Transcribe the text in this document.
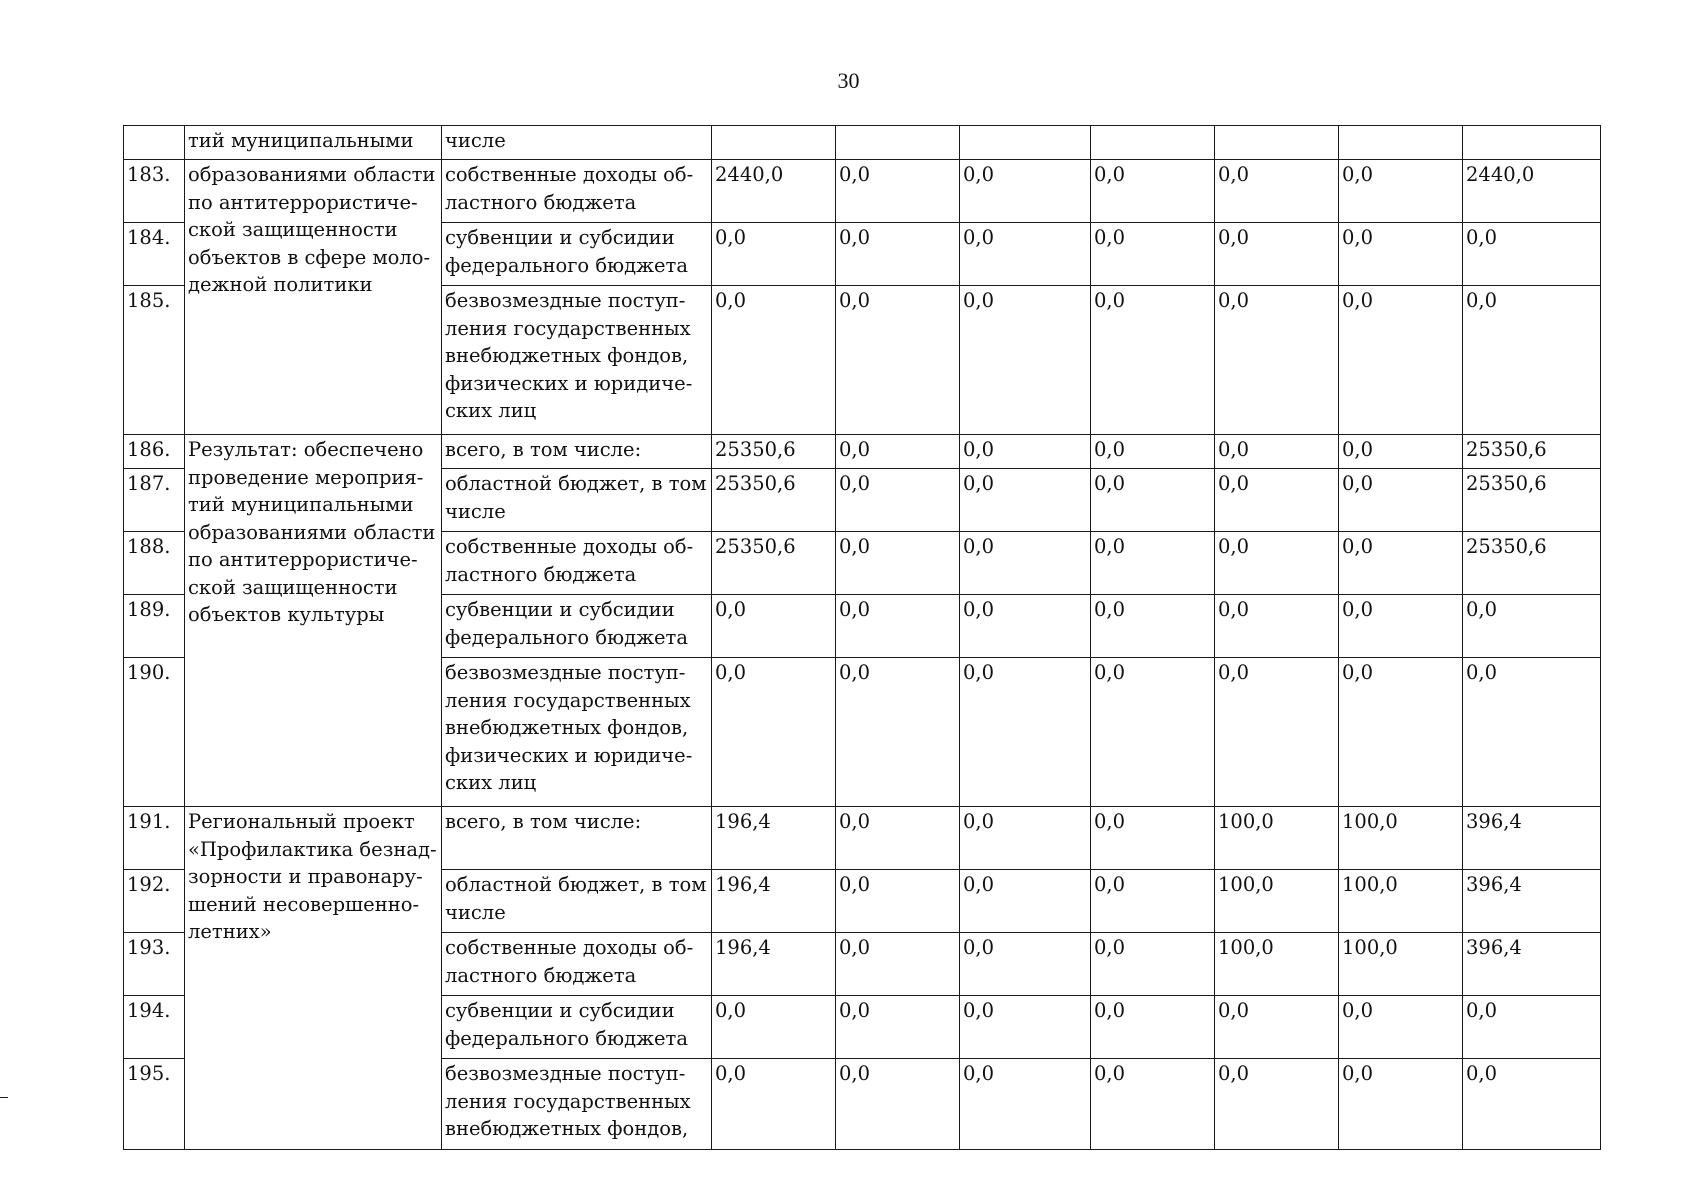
30
	тий муниципальными	числе							
183.	образованиями области по антитеррористиче-ской защищенности объектов в сфере моло-дежной политики	собственные доходы об-ластного бюджета	2440,0	0,0	0,0	0,0	0,0	0,0	2440,0
184.		субвенции и субсидии федерального бюджета	0,0	0,0	0,0	0,0	0,0	0,0	0,0
185.		безвозмездные поступ-ления государственных внебюджетных фондов, физических и юридиче-ских лиц	0,0	0,0	0,0	0,0	0,0	0,0	0,0
186.	Результат: обеспечено проведение мероприя-тий муниципальными образованиями области по антитеррористиче-ской защищенности объектов культуры	всего, в том числе:	25350,6	0,0	0,0	0,0	0,0	0,0	25350,6
187.		областной бюджет, в том числе	25350,6	0,0	0,0	0,0	0,0	0,0	25350,6
188.		собственные доходы об-ластного бюджета	25350,6	0,0	0,0	0,0	0,0	0,0	25350,6
189.		субвенции и субсидии федерального бюджета	0,0	0,0	0,0	0,0	0,0	0,0	0,0
190.		безвозмездные поступ-ления государственных внебюджетных фондов, физических и юридиче-ских лиц	0,0	0,0	0,0	0,0	0,0	0,0	0,0
191.	Региональный проект «Профилактика безнад-зорности и правонару-шений несовершенно-летних»	всего, в том числе:	196,4	0,0	0,0	0,0	100,0	100,0	396,4
192.		областной бюджет, в том числе	196,4	0,0	0,0	0,0	100,0	100,0	396,4
193.		собственные доходы об-ластного бюджета	196,4	0,0	0,0	0,0	100,0	100,0	396,4
194.		субвенции и субсидии федерального бюджета	0,0	0,0	0,0	0,0	0,0	0,0	0,0
195.		безвозмездные поступ-ления государственных внебюджетных фондов,	0,0	0,0	0,0	0,0	0,0	0,0	0,0
